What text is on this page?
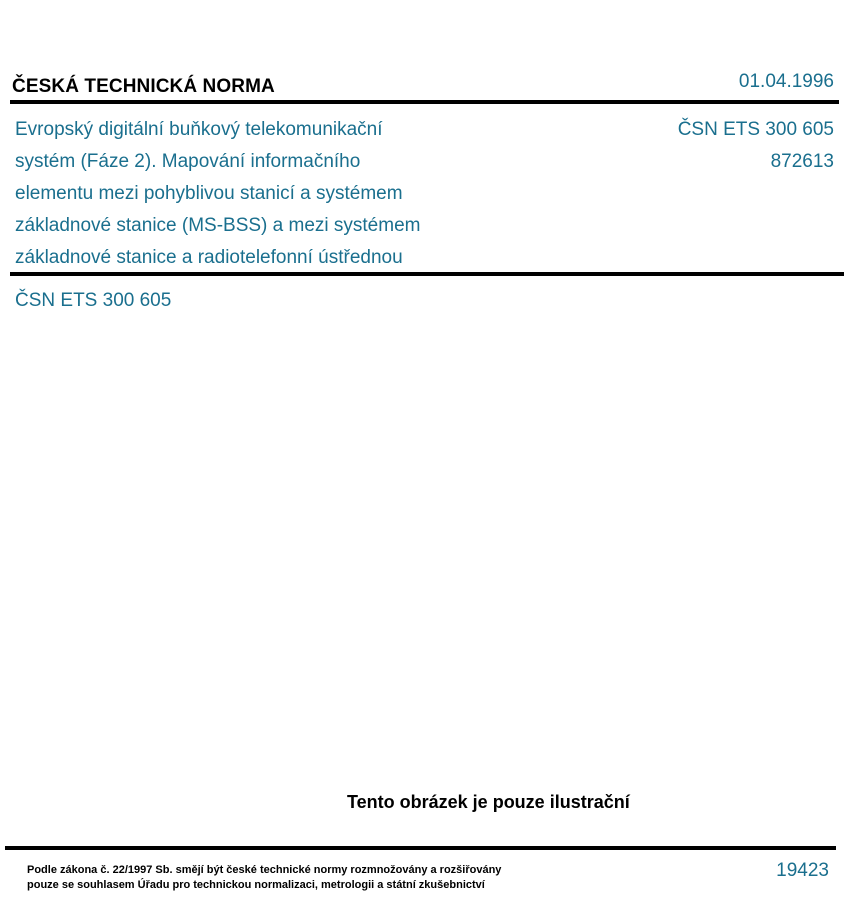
ČESKÁ TECHNICKÁ NORMA	01.04.1996
Evropský digitální buňkový telekomunikační
systém (Fáze 2). Mapování informačního
elementu mezi pohyblivou stanicí a systémem
základnové stanice (MS-BSS) a mezi systémem
základnové stanice a radiotelefonní ústřednou
ČSN ETS 300 605
872613
ČSN ETS 300 605
Tento obrázek je pouze ilustrační
Podle zákona č. 22/1997 Sb. smějí být české technické normy rozmnožovány a rozšiřovány
pouze se souhlasem Úřadu pro technickou normalizaci, metrologii a státní zkušebnictví
19423
